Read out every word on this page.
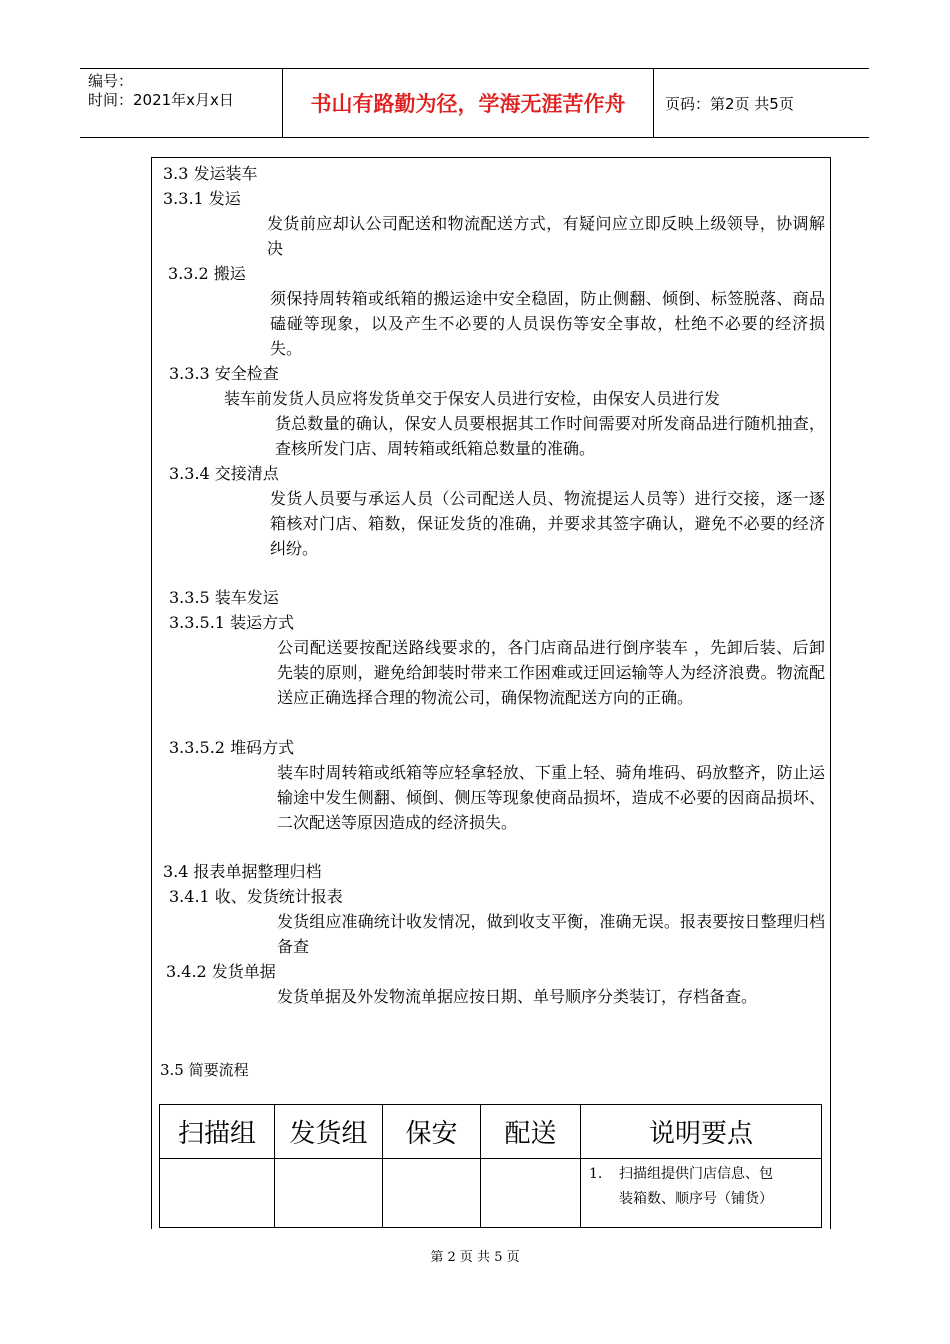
编号：
时间：2021年x月x日	书山有路勤为径，学海无涯苦作舟	页码：第2页 共5页
3.3 发运装车
3.3.1 发运
发货前应却认公司配送和物流配送方式，有疑问应立即反映上级领导，协调解决
3.3.2 搬运
须保持周转箱或纸箱的搬运途中安全稳固，防止侧翻、倾倒、标签脱落、商品磕碰等现象，以及产生不必要的人员误伤等安全事故，杜绝不必要的经济损失。
3.3.3 安全检查
装车前发货人员应将发货单交于保安人员进行安检，由保安人员进行发
货总数量的确认，保安人员要根据其工作时间需要对所发商品进行随机抽查，查核所发门店、周转箱或纸箱总数量的准确。
3.3.4 交接清点
发货人员要与承运人员（公司配送人员、物流提运人员等）进行交接，逐一逐箱核对门店、箱数，保证发货的准确，并要求其签字确认，避免不必要的经济纠纷。
3.3.5 装车发运
3.3.5.1 装运方式
公司配送要按配送路线要求的，各门店商品进行倒序装车 ，先卸后装、后卸先装的原则，避免给卸装时带来工作困难或迂回运输等人为经济浪费。物流配送应正确选择合理的物流公司，确保物流配送方向的正确。
3.3.5.2 堆码方式
装车时周转箱或纸箱等应轻拿轻放、下重上轻、骑角堆码、码放整齐，防止运输途中发生侧翻、倾倒、侧压等现象使商品损坏，造成不必要的因商品损坏、二次配送等原因造成的经济损失。
3.4 报表单据整理归档
3.4.1 收、发货统计报表
发货组应准确统计收发情况，做到收支平衡，准确无误。报表要按日整理归档备查
3.4.2 发货单据
发货单据及外发物流单据应按日期、单号顺序分类装订，存档备查。
3.5 简要流程
扫描组	发货组	保安	配送	说明要点

				1. 扫描组提供门店信息、包
装箱数、顺序号（铺货）
第 2 页 共 5 页
